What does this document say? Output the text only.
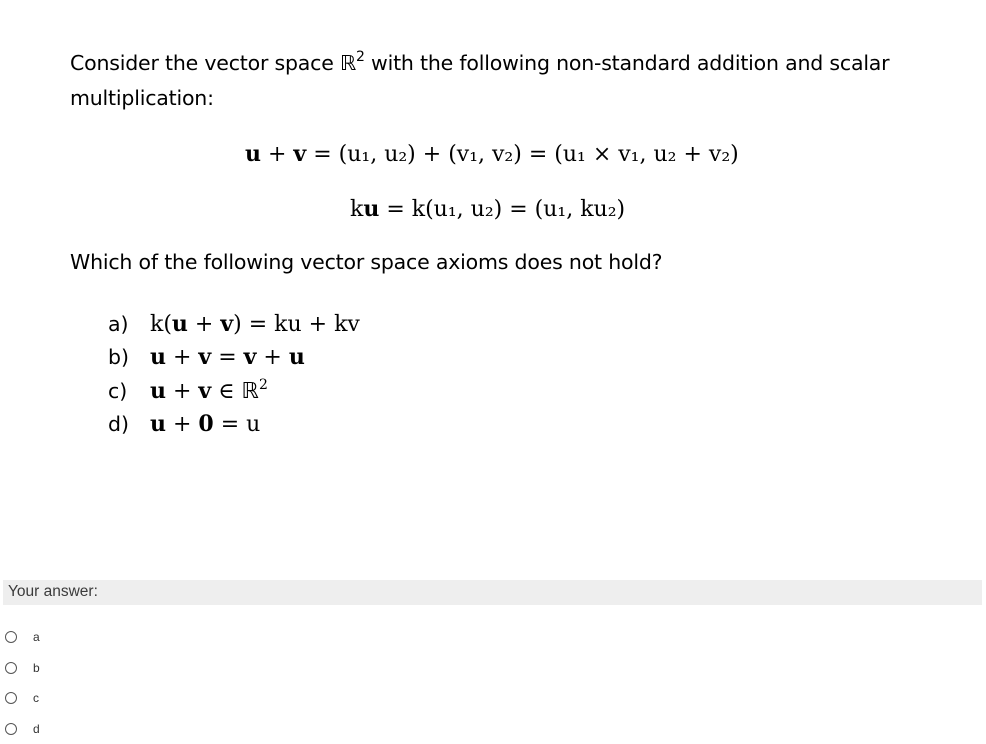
Consider the vector space ℝ$^2$ with the following non-standard addition and scalar multiplication:
u + v = (u₁, u₂) + (v₁, v₂) = (u₁ × v₁, u₂ + v₂)
ku = k(u₁, u₂) = (u₁, ku₂)
Which of the following vector space axioms does not hold?
a) k(u + v) = ku + kv
b) u + v = v + u
c)	u + v ∈ ℝ$^2$
d) u + 0 = u
Your answer:
a
b
c
d
